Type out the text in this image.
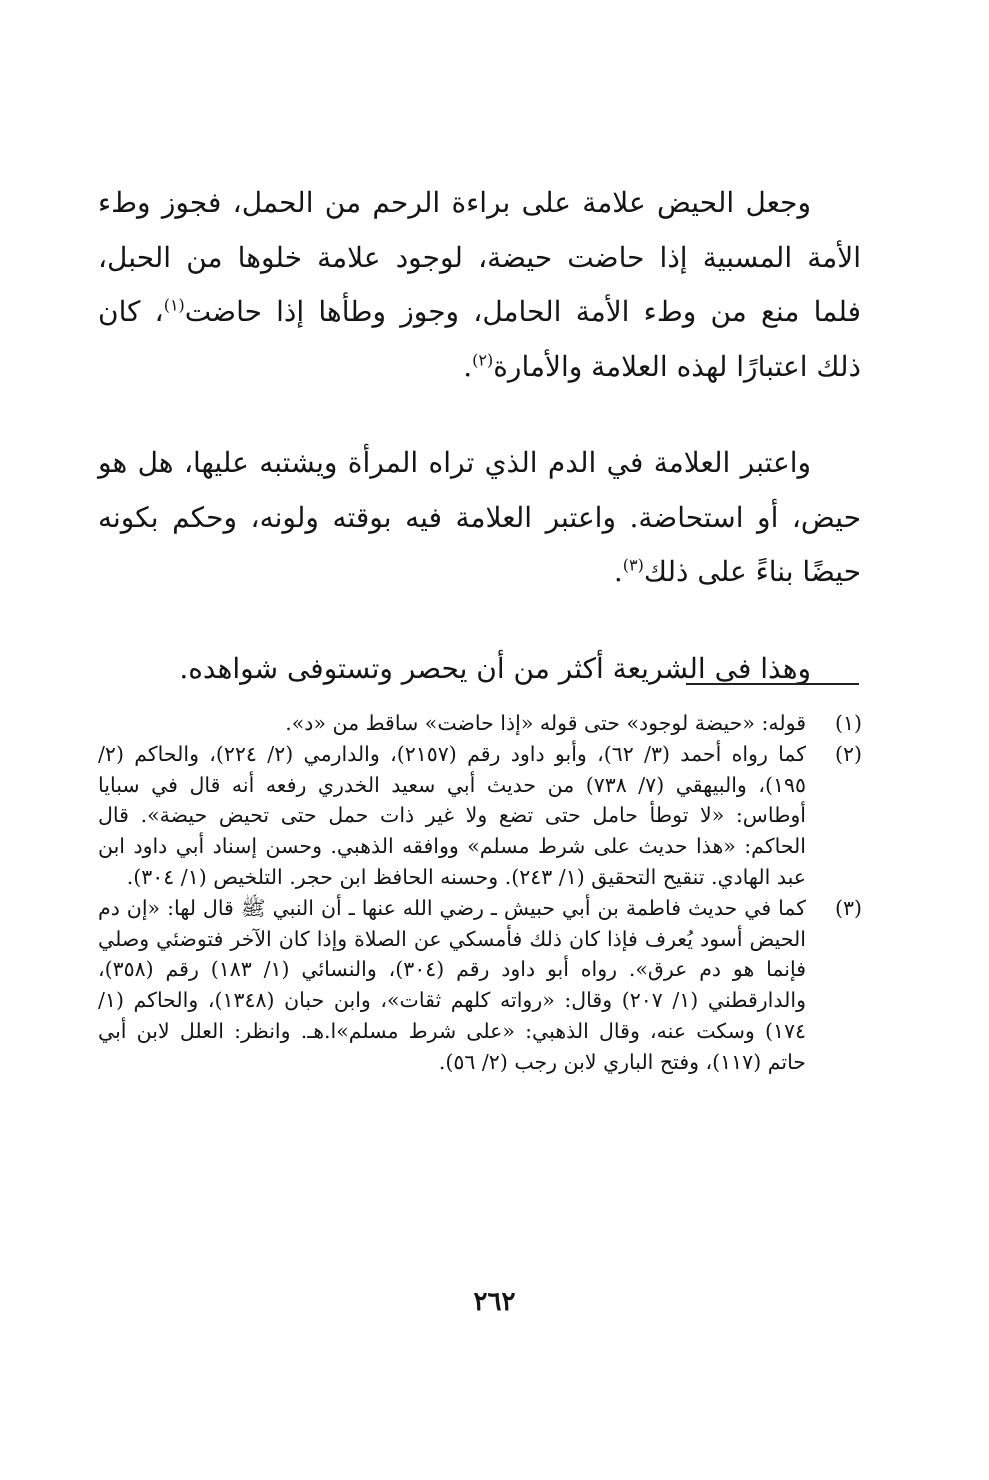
وجعل الحيض علامة على براءة الرحم من الحمل، فجوز وطء الأمة المسبية إذا حاضت حيضة، لوجود علامة خلوها من الحبل، فلما منع من وطء الأمة الحامل، وجوز وطأها إذا حاضت$^{(١)}$، كان ذلك اعتبارًا لهذه العلامة والأمارة$^{(٢)}$.

واعتبر العلامة في الدم الذي تراه المرأة ويشتبه عليها، هل هو حيض، أو استحاضة. واعتبر العلامة فيه بوقته ولونه، وحكم بكونه حيضًا بناءً على ذلك$^{(٣)}$.

وهذا في الشريعة أكثر من أن يحصر وتستوفى شواهده.

(١)
قوله: «حيضة لوجود» حتى قوله «إذا حاضت» ساقط من «د».
(٢)
كما رواه أحمد (٣/ ٦٢)، وأبو داود رقم (٢١٥٧)، والدارمي (٢/ ٢٢٤)، والحاكم (٢/ ١٩٥)، والبيهقي (٧/ ٧٣٨) من حديث أبي سعيد الخدري رفعه أنه قال في سبايا أوطاس: «لا توطأ حامل حتى تضع ولا غير ذات حمل حتى تحيض حيضة». قال الحاكم: «هذا حديث على شرط مسلم» ووافقه الذهبي. وحسن إسناد أبي داود ابن عبد الهادي. تنقيح التحقيق (١/ ٢٤٣). وحسنه الحافظ ابن حجر. التلخيص (١/ ٣٠٤).
(٣)
كما في حديث فاطمة بن أبي حبيش ـ رضي الله عنها ـ أن النبي ﷺ قال لها: «إن دم الحيض أسود يُعرف فإذا كان ذلك فأمسكي عن الصلاة وإذا كان الآخر فتوضئي وصلي فإنما هو دم عرق». رواه أبو داود رقم (٣٠٤)، والنسائي (١/ ١٨٣) رقم (٣٥٨)، والدارقطني (١/ ٢٠٧) وقال: «رواته كلهم ثقات»، وابن حبان (١٣٤٨)، والحاكم (١/ ١٧٤) وسكت عنه، وقال الذهبي: «على شرط مسلم»ا.هـ. وانظر: العلل لابن أبي حاتم (١١٧)، وفتح الباري لابن رجب (٢/ ٥٦).
٢٦٢
